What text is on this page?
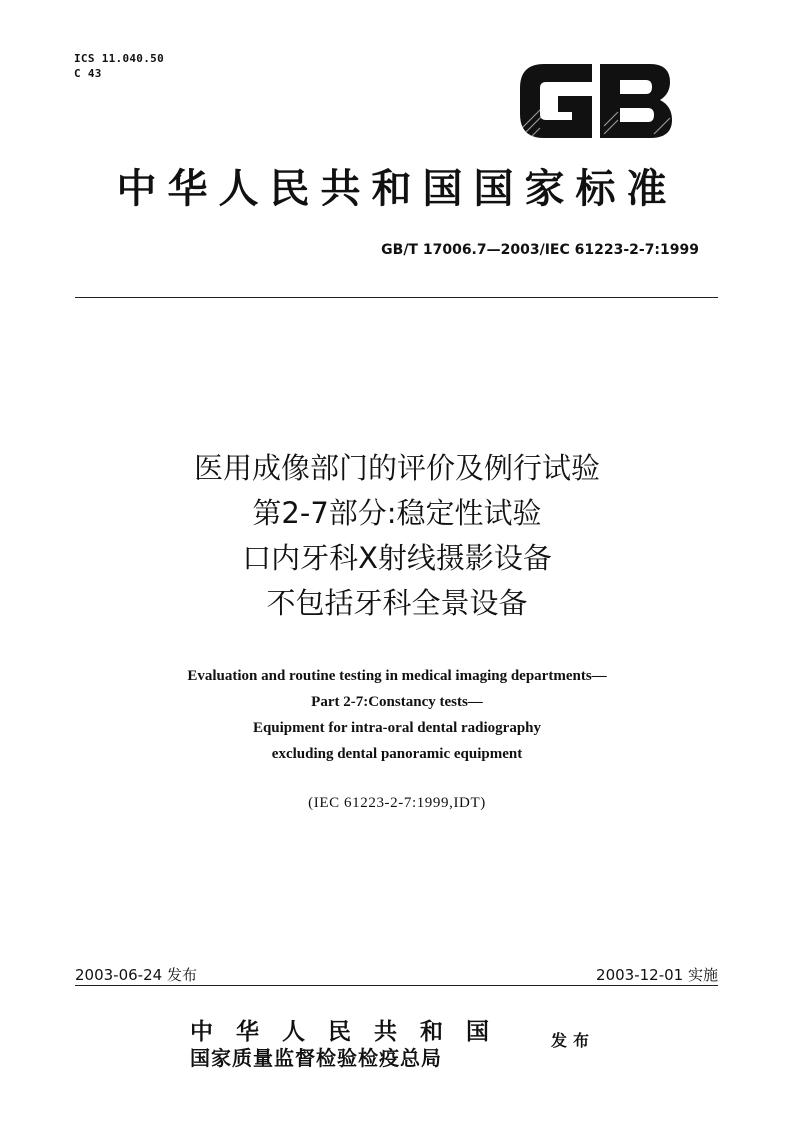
ICS 11.040.50
C 43
中华人民共和国国家标准
GB/T 17006.7—2003/IEC 61223-2-7:1999
医用成像部门的评价及例行试验
第2-7部分:稳定性试验
口内牙科X射线摄影设备
不包括牙科全景设备
Evaluation and routine testing in medical imaging departments—
Part 2-7:Constancy tests—
Equipment for intra-oral dental radiography
excluding dental panoramic equipment
(IEC 61223-2-7:1999,IDT)
2003-06-24 发布	2003-12-01 实施
中华人民共和国
国家质量监督检验检疫总局
发布
